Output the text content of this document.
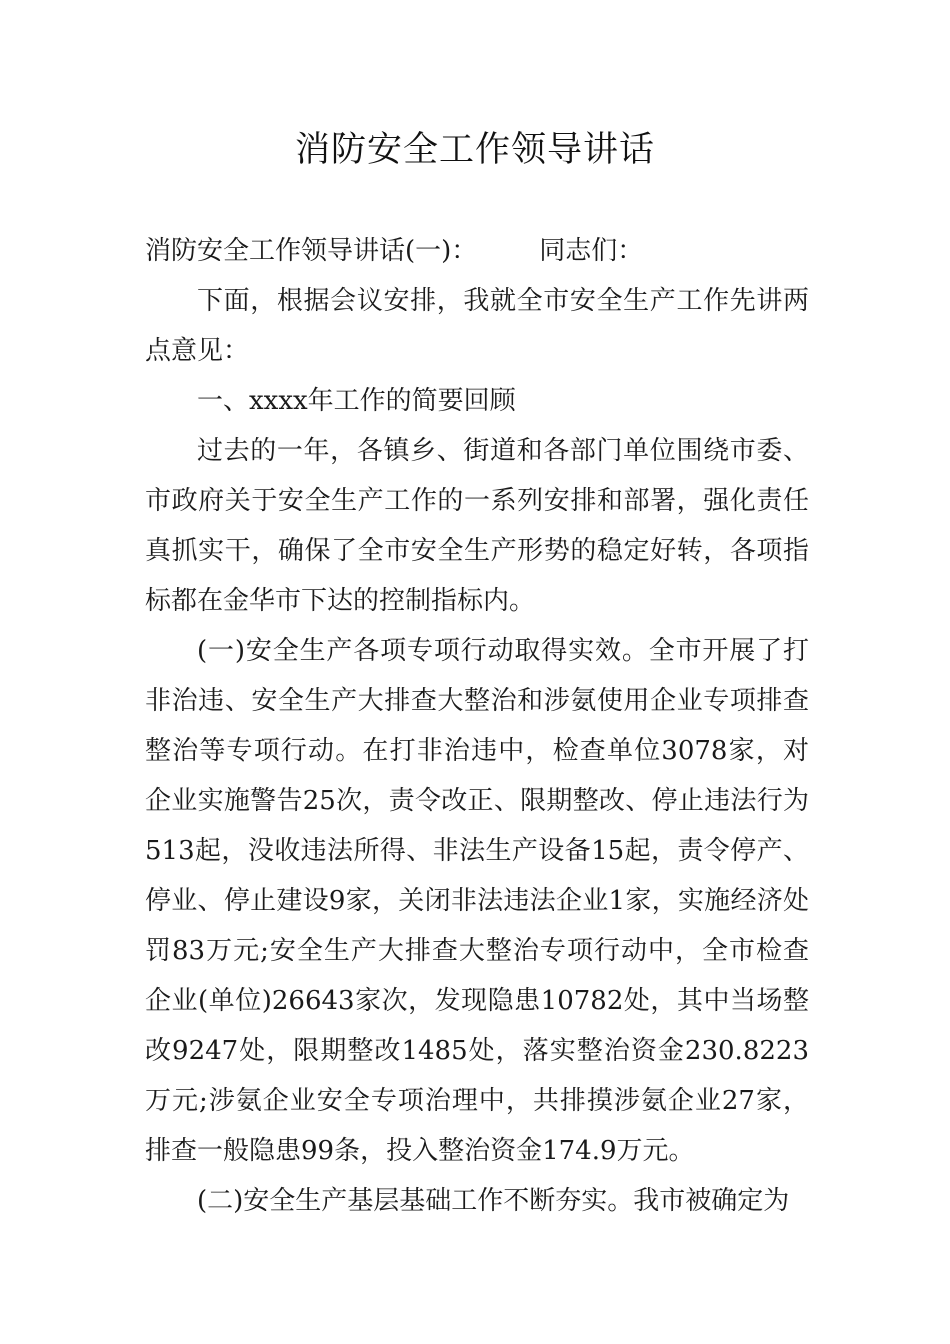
消防安全工作领导讲话

消防安全工作领导讲话(一)： 同志们：

下面，根据会议安排，我就全市安全生产工作先讲两点意见：

一、xxxx年工作的简要回顾

过去的一年，各镇乡、街道和各部门单位围绕市委、市政府关于安全生产工作的一系列安排和部署，强化责任真抓实干，确保了全市安全生产形势的稳定好转，各项指标都在金华市下达的控制指标内。

(一)安全生产各项专项行动取得实效。全市开展了打非治违、安全生产大排查大整治和涉氨使用企业专项排查整治等专项行动。在打非治违中，检查单位3078家，对企业实施警告25次，责令改正、限期整改、停止违法行为513起，没收违法所得、非法生产设备15起，责令停产、停业、停止建设9家，关闭非法违法企业1家，实施经济处罚83万元;安全生产大排查大整治专项行动中，全市检查企业(单位)26643家次，发现隐患10782处，其中当场整改9247处，限期整改1485处，落实整治资金230.8223万元;涉氨企业安全专项治理中，共排摸涉氨企业27家，排查一般隐患99条，投入整治资金174.9万元。

(二)安全生产基层基础工作不断夯实。我市被确定为
